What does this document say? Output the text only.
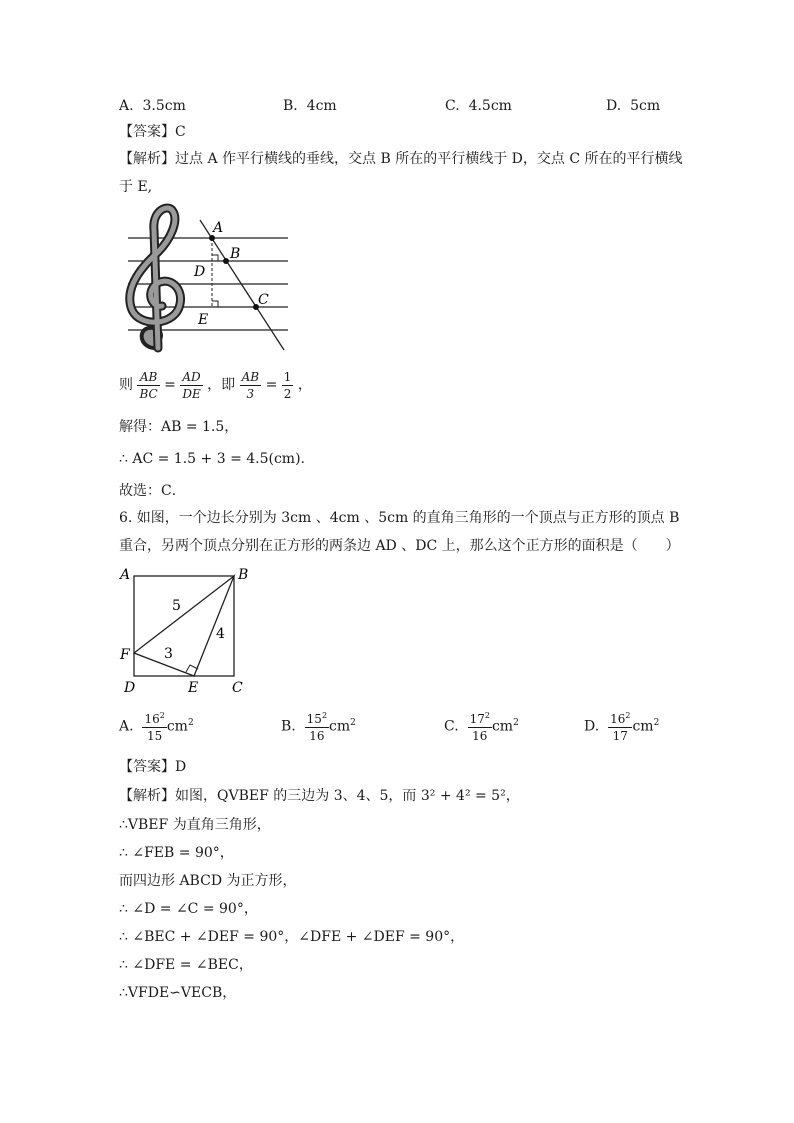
A. 3.5cm	B. 4cm	C. 4.5cm	D. 5cm
【答案】C
【解析】过点 A 作平行横线的垂线，交点 B 所在的平行横线于 D，交点 C 所在的平行横线
于 E,
A
B
D
C
E
则 $\frac{AB}{BC} = \frac{AD}{DE}$ ，即 $\frac{AB}{3} = \frac{1}{2}$ ，
解得：AB = 1.5，
∴ AC = 1.5 + 3 = 4.5(cm).
故选：C．
6. 如图，一个边长分别为 3cm 、4cm 、5cm 的直角三角形的一个顶点与正方形的顶点 B
重合，另两个顶点分别在正方形的两条边 AD 、DC 上，那么这个正方形的面积是（　　）
A	B
F
D	E C
5
4
3
A. $\frac{16^2}{15} cm^2$	B. $\frac{15^2}{16} cm^2$	C. $\frac{17^2}{16} cm^2$	D. $\frac{16^2}{17} cm^2$
【答案】D
【解析】如图，QVBEF 的三边为 3、4、5，而 3² + 4² = 5²，
∴VBEF 为直角三角形，
∴ ∠FEB = 90°，
而四边形 ABCD 为正方形，
∴ ∠D = ∠C = 90°，
∴ ∠BEC + ∠DEF = 90°，∠DFE + ∠DEF = 90°，
∴ ∠DFE = ∠BEC，
∴VFDE∽VECB，
